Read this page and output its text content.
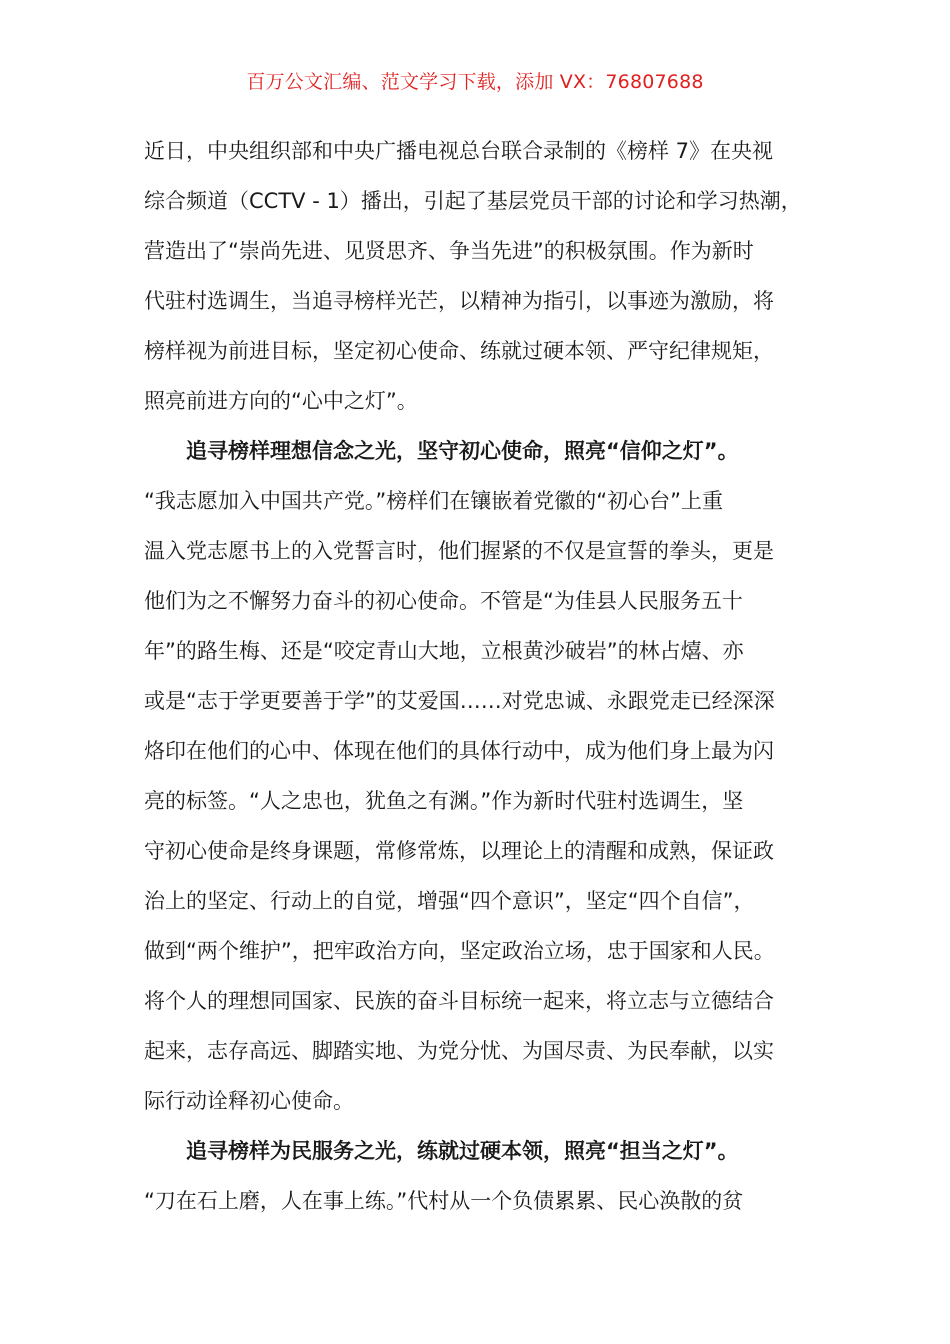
百万公文汇编、范文学习下载，添加 VX：76807688
近日，中央组织部和中央广播电视总台联合录制的《榜样 7》在央视
综合频道（CCTV - 1）播出，引起了基层党员干部的讨论和学习热潮，
营造出了“崇尚先进、见贤思齐、争当先进”的积极氛围。作为新时
代驻村选调生，当追寻榜样光芒，以精神为指引，以事迹为激励，将
榜样视为前进目标，坚定初心使命、练就过硬本领、严守纪律规矩，
照亮前进方向的“心中之灯”。
追寻榜样理想信念之光，坚守初心使命，照亮“信仰之灯”。
“我志愿加入中国共产党。”榜样们在镶嵌着党徽的“初心台”上重
温入党志愿书上的入党誓言时，他们握紧的不仅是宣誓的拳头，更是
他们为之不懈努力奋斗的初心使命。不管是“为佳县人民服务五十
年”的路生梅、还是“咬定青山大地，立根黄沙破岩”的林占熺、亦
或是“志于学更要善于学”的艾爱国……对党忠诚、永跟党走已经深深
烙印在他们的心中、体现在他们的具体行动中，成为他们身上最为闪
亮的标签。“人之忠也，犹鱼之有渊。”作为新时代驻村选调生，坚
守初心使命是终身课题，常修常炼，以理论上的清醒和成熟，保证政
治上的坚定、行动上的自觉，增强“四个意识”，坚定“四个自信”，
做到“两个维护”，把牢政治方向，坚定政治立场，忠于国家和人民。
将个人的理想同国家、民族的奋斗目标统一起来，将立志与立德结合
起来，志存高远、脚踏实地、为党分忧、为国尽责、为民奉献，以实
际行动诠释初心使命。
追寻榜样为民服务之光，练就过硬本领，照亮“担当之灯”。
“刀在石上磨，人在事上练。”代村从一个负债累累、民心涣散的贫
